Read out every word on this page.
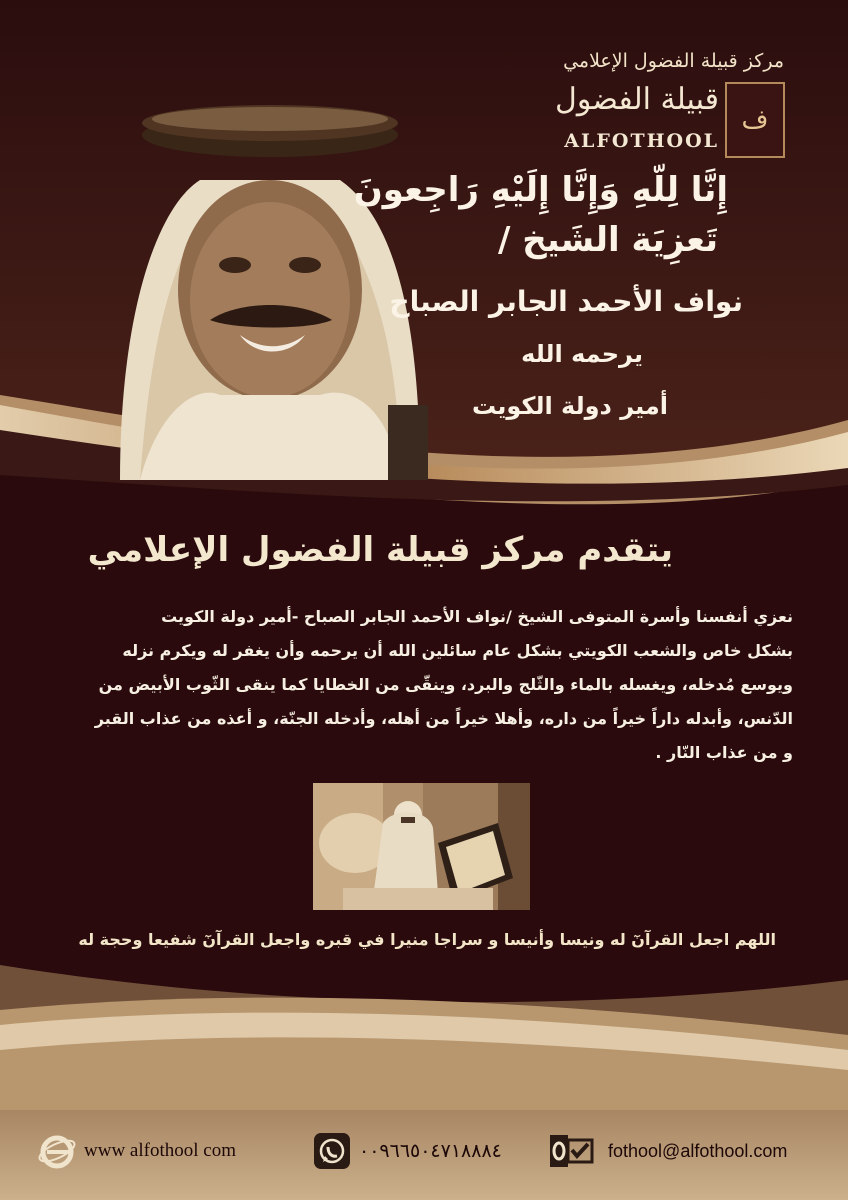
مركز قبيلة الفضول الإعلامي
ف
قبيلة الفضول
ALFOTHOOL
إِنَّا لِلّهِ وَإِنَّا إِلَيْهِ رَاجِعونَ
تَعزِيَة الشَيخ /
نواف الأحمد الجابر الصباح
يرحمه الله
أمير دولة الكويت
يتقدم مركز قبيلة الفضول الإعلامي
نعزي أنفسنا وأسرة المتوفى الشيخ /نواف الأحمد الجابر الصباح -أمير دولة الكويت
بشكل خاص والشعب الكويتي بشكل عام سائلين الله أن يرحمه وأن يغفر له ويكرم نزله
ويوسع مُدخله، ويغسله بالماء والثّلج والبرد، وينقّى من الخطايا كما ينقى الثّوب الأبيض من
الدّنس، وأبدله داراً خيراً من داره، وأهلا خيراً من أهله، وأدخله الجنّة، و أعذه من عذاب القبر
و من عذاب النّار .
اللهم اجعل القرآنٓ له ونيسا وأنيسا و سراجا منيرا في قبره واجعل القرآنٓ شفيعا وحجة له
www alfothool com	٠٠٩٦٦٥٠٤٧١٨٨٨٤	fothool@alfothool.com
